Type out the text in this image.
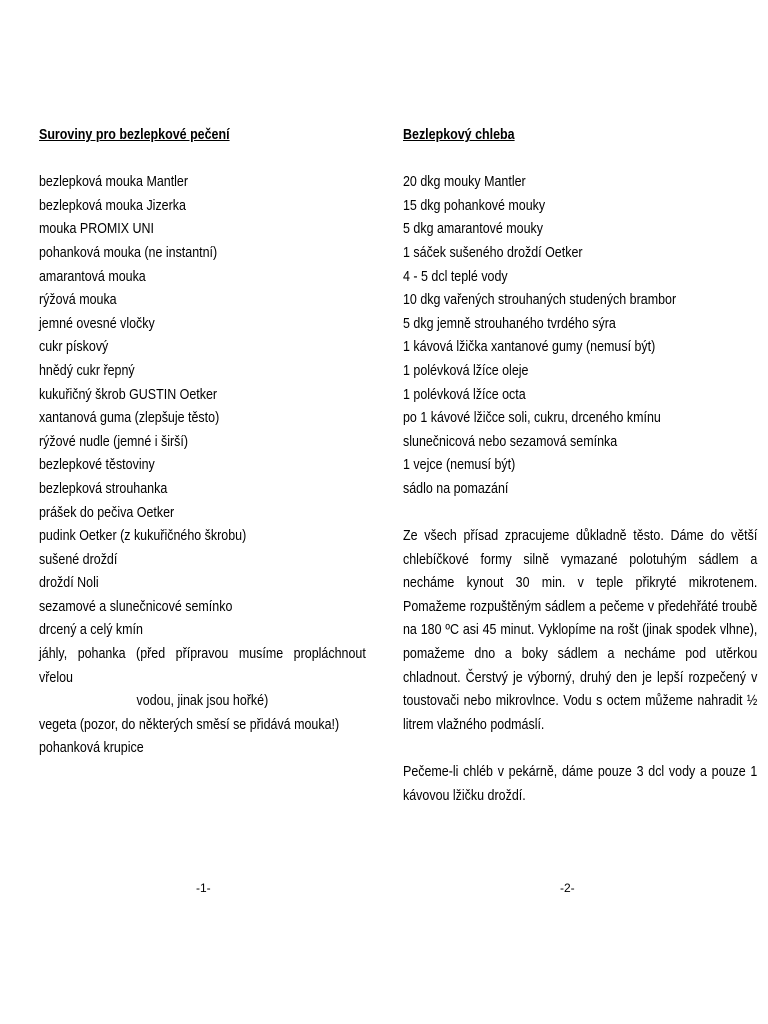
Suroviny pro bezlepkové pečení
bezlepková mouka Mantler
bezlepková mouka Jizerka
mouka PROMIX UNI
pohanková mouka (ne instantní)
amarantová mouka
rýžová mouka
jemné ovesné vločky
cukr pískový
hnědý cukr řepný
kukuřičný škrob GUSTIN Oetker
xantanová guma (zlepšuje těsto)
rýžové nudle (jemné i širší)
bezlepkové těstoviny
bezlepková strouhanka
prášek do pečiva Oetker
pudink Oetker (z kukuřičného škrobu)
sušené droždí
droždí Noli
sezamové a slunečnicové semínko
drcený a celý kmín
jáhly, pohanka (před přípravou musíme propláchnout vřelou
vodou, jinak jsou hořké)
vegeta (pozor, do některých směsí se přidává mouka!)
pohanková krupice
Bezlepkový chleba
20 dkg mouky Mantler
15 dkg pohankové mouky
5 dkg amarantové mouky
1 sáček sušeného droždí Oetker
4 - 5 dcl teplé vody
10 dkg vařených strouhaných studených brambor
5 dkg jemně strouhaného tvrdého sýra
1 kávová lžička xantanové gumy (nemusí být)
1 polévková lžíce oleje
1 polévková lžíce octa
po 1 kávové lžičce soli, cukru, drceného kmínu
slunečnicová nebo sezamová semínka
1 vejce (nemusí být)
sádlo na pomazání

Ze všech přísad zpracujeme důkladně těsto. Dáme do větší chlebíčkové formy silně vymazané polotuhým sádlem a necháme kynout 30 min. v teple přikryté mikrotenem. Pomažeme rozpuštěným sádlem a pečeme v předehřáté troubě na 180 ºC asi 45 minut. Vyklopíme na rošt (jinak spodek vlhne), pomažeme dno a boky sádlem a necháme pod utěrkou chladnout. Čerstvý je výborný, druhý den je lepší rozpečený v toustovači nebo mikrovlnce. Vodu s octem můžeme nahradit ½ litrem vlažného podmáslí.

Pečeme-li chléb v pekárně, dáme pouze 3 dcl vody a pouze 1 kávovou lžičku droždí.

-1-	-2-
